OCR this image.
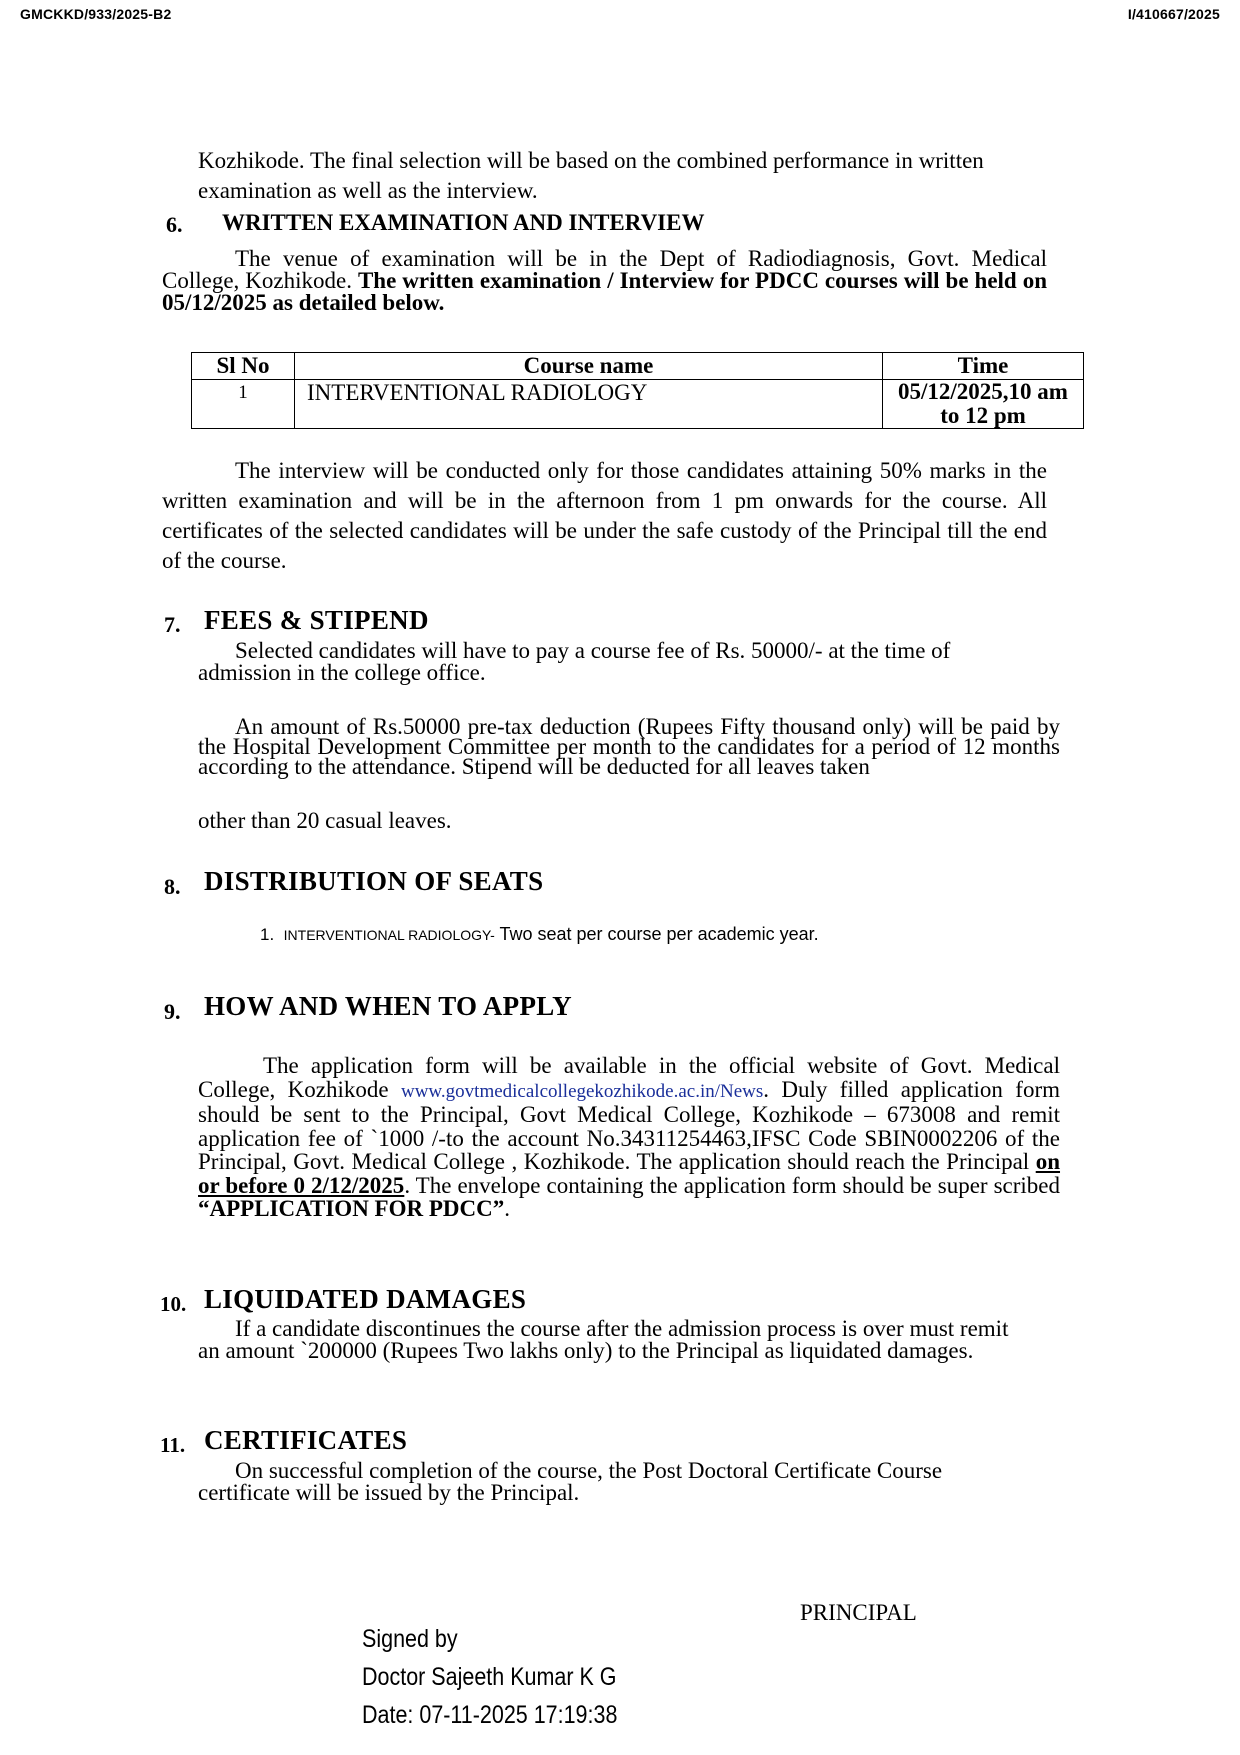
GMCKKD/933/2025-B2	I/410667/2025
Kozhikode. The final selection will be based on the combined performance in written
examination as well as the interview.
6. WRITTEN EXAMINATION AND INTERVIEW

The venue of examination will be in the Dept of Radiodiagnosis, Govt. Medical College, Kozhikode. The written examination / Interview for PDCC courses will be held on 05/12/2025 as detailed below.

Sl No	Course name	Time
1	INTERVENTIONAL RADIOLOGY	05/12/2025,10 am to 12 pm

The interview will be conducted only for those candidates attaining 50% marks in the written examination and will be in the afternoon from 1 pm onwards for the course. All certificates of the selected candidates will be under the safe custody of the Principal till the end of the course.

7. FEES & STIPEND

Selected candidates will have to pay a course fee of Rs. 50000/- at the time of admission in the college office.

An amount of Rs.50000 pre-tax deduction (Rupees Fifty thousand only) will be paid by the Hospital Development Committee per month to the candidates for a period of 12 months according to the attendance. Stipend will be deducted for all leaves taken

other than 20 casual leaves.
8. DISTRIBUTION OF SEATS
1. INTERVENTIONAL RADIOLOGY- Two seat per course per academic year.
9. HOW AND WHEN TO APPLY

The application form will be available in the official website of Govt. Medical College, Kozhikode www.govtmedicalcollegekozhikode.ac.in/News. Duly filled application form should be sent to the Principal, Govt Medical College, Kozhikode – 673008 and remit application fee of `1000 /-to the account No.34311254463,IFSC Code SBIN0002206 of the Principal, Govt. Medical College , Kozhikode. The application should reach the Principal on or before 0 2/12/2025. The envelope containing the application form should be super scribed “APPLICATION FOR PDCC”.

10. LIQUIDATED DAMAGES

If a candidate discontinues the course after the admission process is over must remit an amount `200000 (Rupees Two lakhs only) to the Principal as liquidated damages.

11. CERTIFICATES

On successful completion of the course, the Post Doctoral Certificate Course certificate will be issued by the Principal.

PRINCIPAL
Signed by
Doctor Sajeeth Kumar K G
Date: 07-11-2025 17:19:38
